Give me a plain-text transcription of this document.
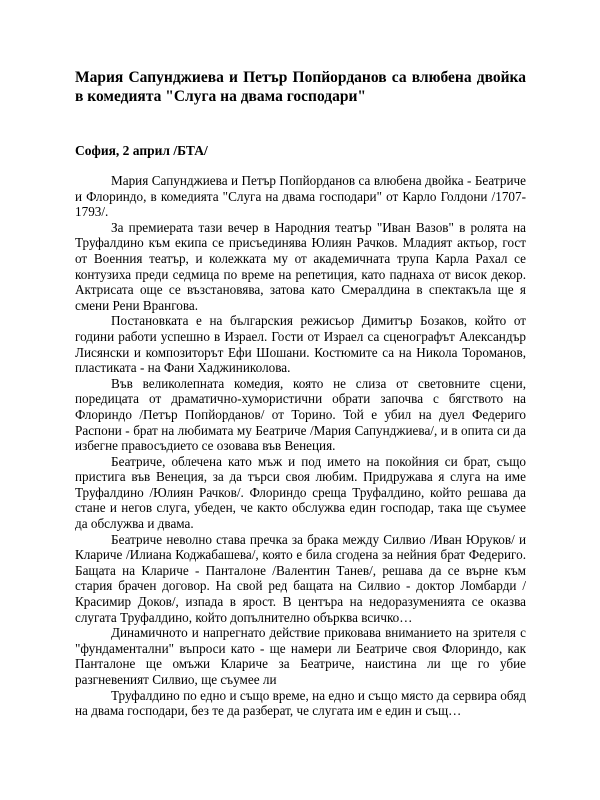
Мария Сапунджиева и Петър Попйорданов са влюбена двойка в комедията "Слуга на двама господари"
София, 2 април /БТА/

Мария Сапунджиева и Петър Попйорданов са влюбена двойка - Беатриче и Флориндо, в комедията "Слуга на двама господари" от Карло Голдони /1707-1793/.

За премиерата тази вечер в Народния театър "Иван Вазов" в ролята на Труфалдино към екипа се присъединява Юлиян Рачков. Младият актьор, гост от Военния театър, и колежката му от академичната трупа Карла Рахал се контузиха преди седмица по време на репетиция, като паднаха от висок декор. Актрисата още се възстановява, затова като Смералдина в спектакъла ще я смени Рени Врангова.

Постановката е на българския режисьор Димитър Бозаков, който от години работи успешно в Израел. Гости от Израел са сценографът Александър Лисянски и композиторът Ефи Шошани. Костюмите са на Никола Тороманов, пластиката - на Фани Хаджиниколова.

Във великолепната комедия, която не слиза от световните сцени, поредицата от драматично-хумористични обрати започва с бягството на Флориндо /Петър Попйорданов/ от Торино. Той е убил на дуел Федериго Распони - брат на любимата му Беатриче /Мария Сапунджиева/, и в опита си да избегне правосъдието се озовава във Венеция.

Беатриче, облечена като мъж и под името на покойния си брат, също пристига във Венеция, за да търси своя любим. Придружава я слуга на име Труфалдино /Юлиян Рачков/. Флориндо среща Труфалдино, който решава да стане и негов слуга, убеден, че както обслужва един господар, така ще съумее да обслужва и двама.

Беатриче неволно става пречка за брака между Силвио /Иван Юруков/ и Клариче /Илиана Коджабашева/, която е била сгодена за нейния брат Федериго. Бащата на Клариче - Панталоне /Валентин Танев/, решава да се върне към стария брачен договор. На свой ред бащата на Силвио - доктор Ломбарди /Красимир Доков/, изпада в ярост. В центъра на недоразуменията се оказва слугата Труфалдино, който допълнително обърква всичко…

Динамичното и напрегнато действие приковава вниманието на зрителя с "фундаментални" въпроси като - ще намери ли Беатриче своя Флориндо, как Панталоне ще омъжи Клариче за Беатриче, наистина ли ще го убие разгневеният Силвио, ще съумее ли

Труфалдино по едно и също време, на едно и също място да сервира обяд на двама господари, без те да разберат, че слугата им е един и същ…
